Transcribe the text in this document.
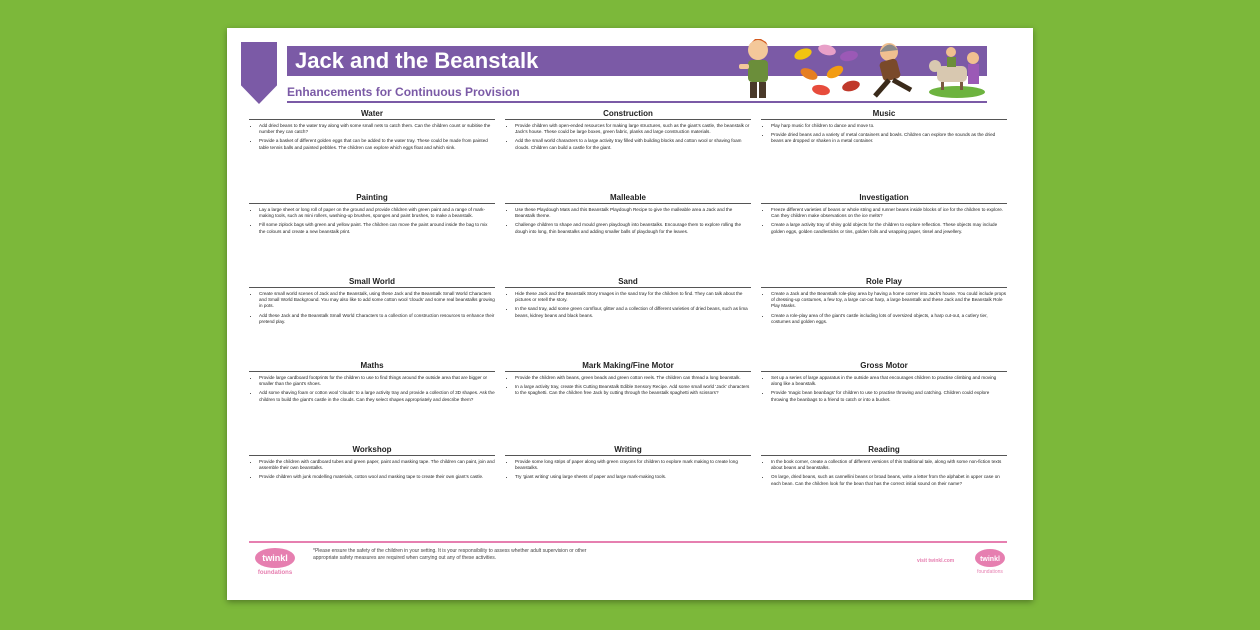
Jack and the Beanstalk
Enhancements for Continuous Provision
Water
• Add dried beans to the water tray along with some small nets to catch them. Can the children count or subitise the number they can catch?
• Provide a basket of different golden eggs that can be added to the water tray. These could be made from painted table tennis balls and painted pebbles. The children can explore which eggs float and which sink.
Construction
• Provide children with open-ended resources for making large structures, such as the giant's castle, the beanstalk or Jack's house. These could be large boxes, green fabric, planks and large construction materials.
• Add the small world characters to a large activity tray filled with building blocks and cotton wool or shaving foam clouds. Children can build a castle for the giant.
Music
• Play harp music for children to dance and move to.
• Provide dried beans and a variety of metal containers and bowls. Children can explore the sounds as the dried beans are dropped or shaken in a metal container.
Painting
• Lay a large sheet or long roll of paper on the ground and provide children with green paint and a range of mark-making tools, such as mini rollers, washing-up brushes, sponges and paint brushes, to make a beanstalk.
• Fill some ziplock bags with green and yellow paint. The children can move the paint around inside the bag to mix the colours and create a new beanstalk print.
Malleable
• Use these Playdough Mats and this Beanstalk Playdough Recipe to give the malleable area a Jack and the Beanstalk theme.
• Challenge children to shape and mould green playdough into beanstalks. Encourage them to explore rolling the dough into long, thin beanstalks and adding smaller balls of playdough for the leaves.
Investigation
• Freeze different varieties of beans or whole string and runner beans inside blocks of ice for the children to explore. Can they children make observations on the ice melts?
• Create a large activity tray of shiny gold objects for the children to explore reflection. These objects may include golden eggs, golden candlesticks or tins, golden foils and wrapping paper, tinsel and jewellery.
Small World
• Create small world scenes of Jack and the Beanstalk, using these Jack and the Beanstalk Small World Characters and Small World Background. You may also like to add some cotton wool 'clouds' and some real beanstalks growing in pots.
• Add these Jack and the Beanstalk Small World Characters to a collection of construction resources to enhance their pretend play.
Sand
• Hide these Jack and the Beanstalk Story Images in the sand tray for the children to find. They can talk about the pictures or retell the story.
• In the sand tray, add some green cornflour, glitter and a collection of different varieties of dried beans, such as lima beans, kidney beans and black beans.
Role Play
• Create a Jack and the Beanstalk role-play area by having a home corner into Jack's house. You could include props of dressing-up costumes, a few toy, a large cut-out harp, a large beanstalk and these Jack and the Beanstalk Role Play Masks.
• Create a role-play area of the giant's castle including lots of oversized objects, a harp cut-out, a cutlery tier, costumes and golden eggs.
Maths
• Provide large cardboard footprints for the children to use to find things around the outside area that are bigger or smaller than the giant's shoes.
• Add some shaving foam or cotton wool 'clouds' to a large activity tray and provide a collection of 3D shapes. Ask the children to build the giant's castle in the clouds. Can they select shapes appropriately and describe them?
Mark Making/Fine Motor
• Provide the children with beans, green beads and green cotton reels. The children can thread a long beanstalk.
• In a large activity tray, create this Cutting Beanstalk Edible Sensory Recipe. Add some small world 'Jack' characters to the spaghetti. Can the children free Jack by cutting through the beanstalk spaghetti with scissors?
Gross Motor
• Set up a series of large apparatus in the outside area that encourages children to practise climbing and moving along like a beanstalk.
• Provide 'magic bean beanbags' for children to use to practise throwing and catching. Children could explore throwing the beanbags to a friend to catch or into a bucket.
Workshop
• Provide the children with cardboard tubes and green paper, paint and masking tape. The children can paint, join and assemble their own beanstalks.
• Provide children with junk modelling materials, cotton wool and masking tape to create their own giant's castle.
Writing
• Provide some long strips of paper along with green crayons for children to explore mark making to create long beanstalks.
• Try 'giant writing' using large sheets of paper and large mark-making tools.
Reading
• In the book corner, create a collection of different versions of this traditional tale, along with some non-fiction texts about beans and beanstalks.
• On large, dried beans, such as cannellini beans or broad beans, write a letter from the alphabet in upper case on each bean. Can the children look for the bean that has the correct initial sound on their name?
twinkl
foundations
*Please ensure the safety of the children in your setting. It is your responsibility to assess whether adult supervision or other appropriate safety measures are required when carrying out any of these activities.	visit twinkl.com	twinkl
foundations
